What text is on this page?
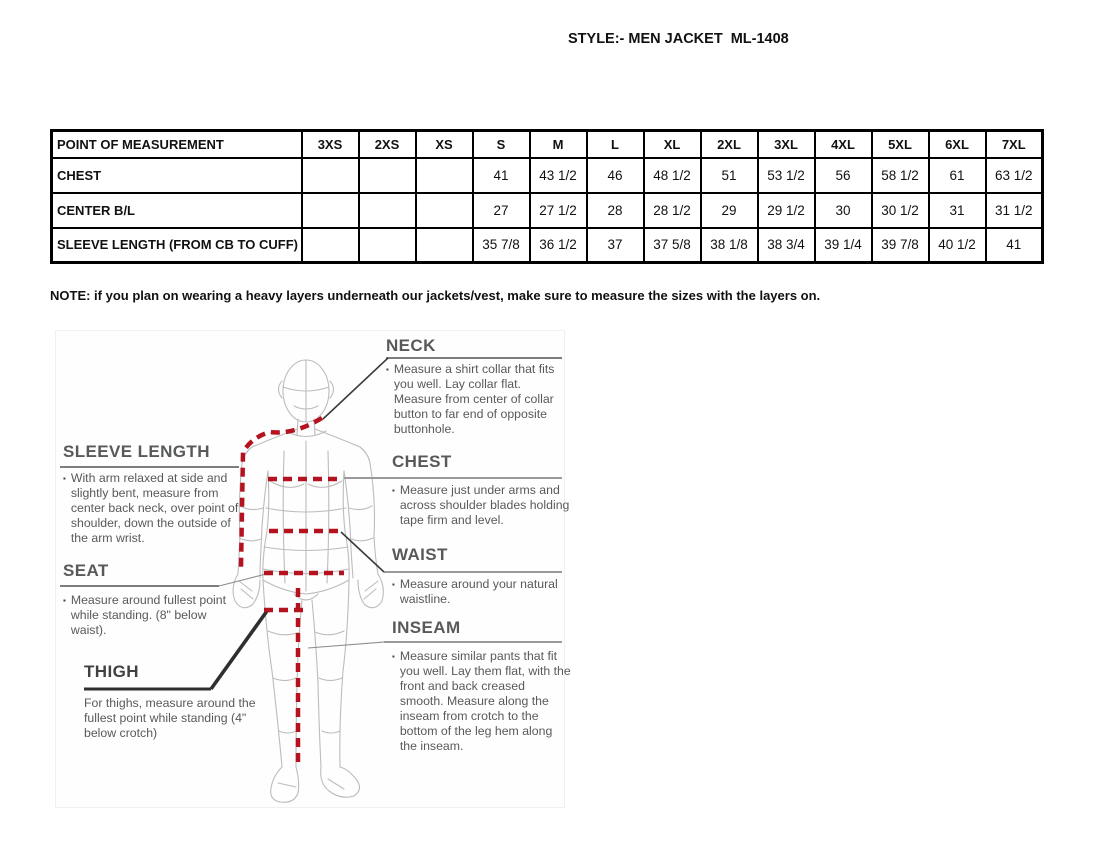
STYLE:- MEN JACKET  ML-1408
POINT OF MEASUREMENT	3XS	2XS	XS	S	M	L	XL	2XL	3XL	4XL	5XL	6XL	7XL
CHEST				41	43 1/2	46	48 1/2	51	53 1/2	56	58 1/2	61	63 1/2
CENTER B/L				27	27 1/2	28	28 1/2	29	29 1/2	30	30 1/2	31	31 1/2
SLEEVE LENGTH (FROM CB TO CUFF)				35 7/8	36 1/2	37	37 5/8	38 1/8	38 3/4	39 1/4	39 7/8	40 1/2	41

NOTE: if you plan on wearing a heavy layers underneath our jackets/vest, make sure to measure the sizes with the layers on.

NECK
▪ Measure a shirt collar that fits you well. Lay collar flat. Measure from center of collar button to far end of opposite buttonhole.
CHEST
▪ Measure just under arms and across shoulder blades holding tape firm and level.
WAIST
▪ Measure around your natural waistline.
INSEAM
▪ Measure similar pants that fit you well. Lay them flat, with the front and back creased smooth. Measure along the inseam from crotch to the bottom of the leg hem along the inseam.
SLEEVE LENGTH
▪ With arm relaxed at side and slightly bent, measure from center back neck, over point of shoulder, down the outside of the arm wrist.
SEAT
▪ Measure around fullest point while standing. (8" below waist).
THIGH
For thighs, measure around the fullest point while standing (4" below crotch)
